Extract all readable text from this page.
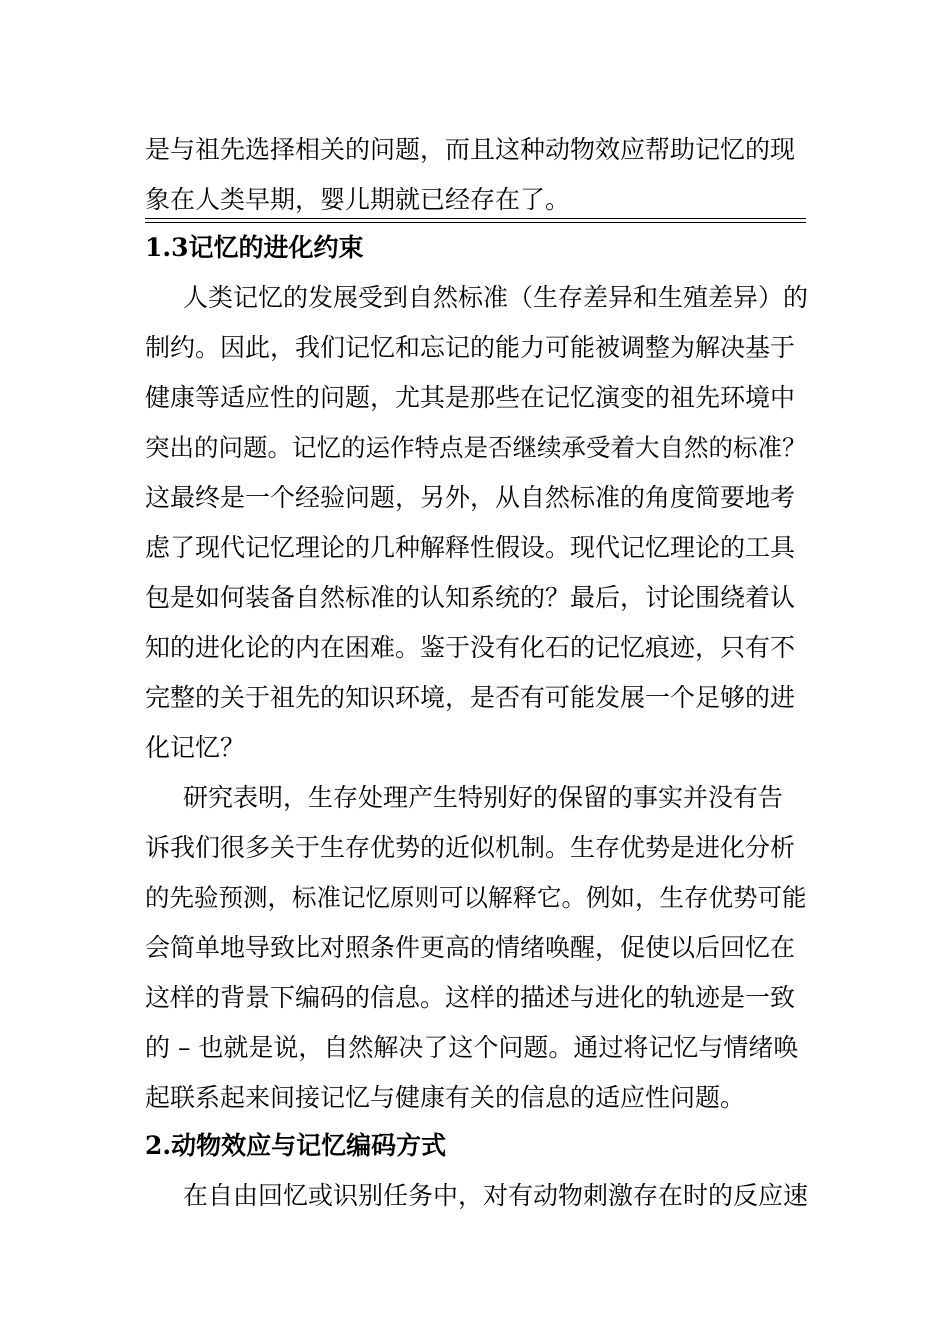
是与祖先选择相关的问题，而且这种动物效应帮助记忆的现
象在人类早期，婴儿期就已经存在了。
1.3记忆的进化约束
人类记忆的发展受到自然标准（生存差异和生殖差异）的
制约。因此，我们记忆和忘记的能力可能被调整为解决基于
健康等适应性的问题，尤其是那些在记忆演变的祖先环境中
突出的问题。记忆的运作特点是否继续承受着大自然的标准？
这最终是一个经验问题，另外，从自然标准的角度简要地考
虑了现代记忆理论的几种解释性假设。现代记忆理论的工具
包是如何装备自然标准的认知系统的？最后，讨论围绕着认
知的进化论的内在困难。鉴于没有化石的记忆痕迹，只有不
完整的关于祖先的知识环境，是否有可能发展一个足够的进
化记忆？
研究表明，生存处理产生特别好的保留的事实并没有告
诉我们很多关于生存优势的近似机制。生存优势是进化分析
的先验预测，标准记忆原则可以解释它。例如，生存优势可能
会简单地导致比对照条件更高的情绪唤醒，促使以后回忆在
这样的背景下编码的信息。这样的描述与进化的轨迹是一致
的 – 也就是说，自然解决了这个问题。通过将记忆与情绪唤
起联系起来间接记忆与健康有关的信息的适应性问题。
2.动物效应与记忆编码方式
在自由回忆或识别任务中，对有动物刺激存在时的反应速
